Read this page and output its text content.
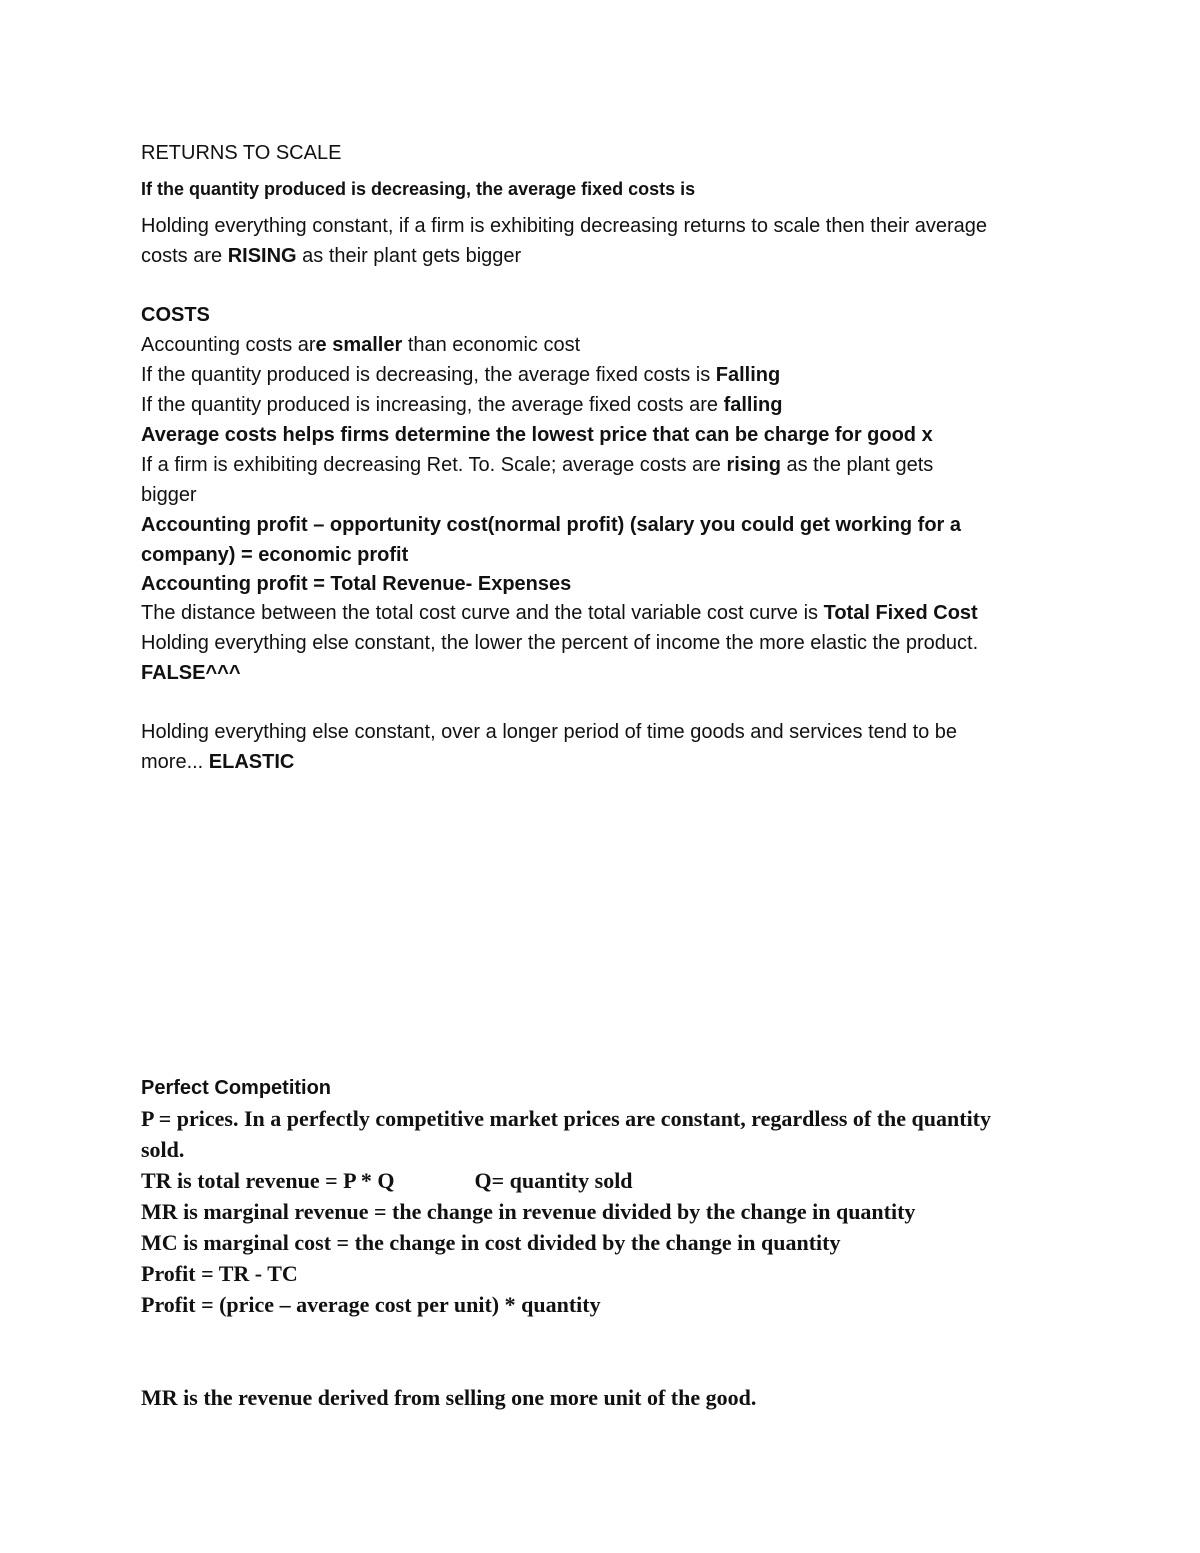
RETURNS TO SCALE
If the quantity produced is decreasing, the average fixed costs is
Holding everything constant, if a firm is exhibiting decreasing returns to scale then their average
costs are RISING as their plant gets bigger
COSTS
Accounting costs are smaller than economic cost
If the quantity produced is decreasing, the average fixed costs is Falling
If the quantity produced is increasing, the average fixed costs are falling
Average costs helps firms determine the lowest price that can be charge for good x
If a firm is exhibiting decreasing Ret. To. Scale; average costs are rising as the plant gets
bigger
Accounting profit – opportunity cost(normal profit) (salary you could get working for a
company) = economic profit
Accounting profit = Total Revenue- Expenses
The distance between the total cost curve and the total variable cost curve is Total Fixed Cost
Holding everything else constant, the lower the percent of income the more elastic the product.
FALSE^^^
Holding everything else constant, over a longer period of time goods and services tend to be
more... ELASTIC
Perfect Competition
P = prices. In a perfectly competitive market prices are constant, regardless of the quantity
sold.
TR is total revenue = P * Q	Q= quantity sold
MR is marginal revenue = the change in revenue divided by the change in quantity
MC is marginal cost = the change in cost divided by the change in quantity
Profit = TR - TC
Profit = (price – average cost per unit) * quantity
MR is the revenue derived from selling one more unit of the good.
